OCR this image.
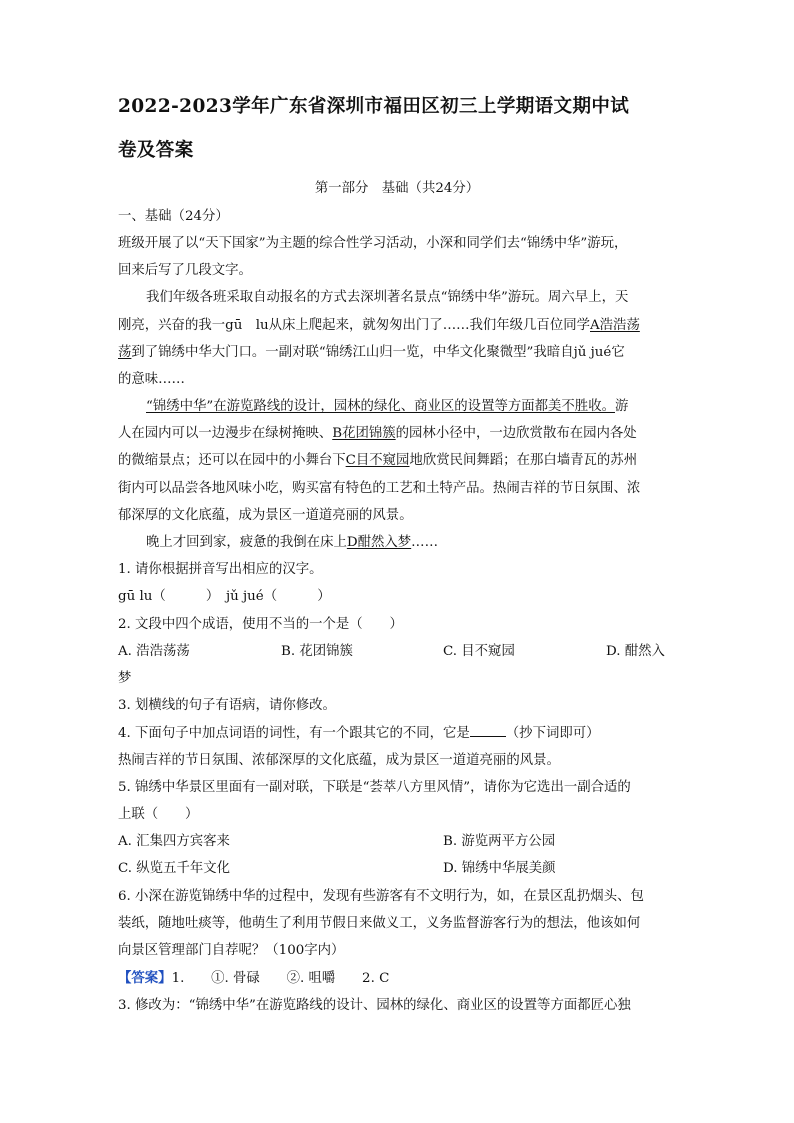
2022-2023学年广东省深圳市福田区初三上学期语文期中试
卷及答案
第一部分　基础（共24分）
一、基础（24分）
班级开展了以“天下国家”为主题的综合性学习活动，小深和同学们去“锦绣中华”游玩，
回来后写了几段文字。
我们年级各班采取自动报名的方式去深圳著名景点“锦绣中华”游玩。周六早上，天
刚亮，兴奋的我一gū　lu从床上爬起来，就匆匆出门了……我们年级几百位同学A浩浩荡
荡到了锦绣中华大门口。一副对联“锦绣江山归一览，中华文化聚微型”我暗自jǔ jué它
的意味……
“锦绣中华”在游览路线的设计，园林的绿化、商业区的设置等方面都美不胜收。游
人在园内可以一边漫步在绿树掩映、B花团锦簇的园林小径中，一边欣赏散布在园内各处
的微缩景点；还可以在园中的小舞台下C目不窥园地欣赏民间舞蹈；在那白墙青瓦的苏州
街内可以品尝各地风味小吃，购买富有特色的工艺和土特产品。热闹吉祥的节日氛围、浓
郁深厚的文化底蕴，成为景区一道道亮丽的风景。
晚上才回到家，疲惫的我倒在床上D酣然入梦……
1. 请你根据拼音写出相应的汉字。
gū lu（　　　）　jǔ jué（　　　）
2. 文段中四个成语，使用不当的一个是（　　）
A. 浩浩荡荡	B. 花团锦簇	C. 目不窥园	D. 酣然入
梦
3. 划横线的句子有语病，请你修改。
4. 下面句子中加点词语的词性，有一个跟其它的不同，它是	（抄下词即可）
热闹吉祥的节日氛围、浓郁深厚的文化底蕴，成为景区一道道亮丽的风景。
5. 锦绣中华景区里面有一副对联，下联是“荟萃八方里风情”，请你为它选出一副合适的
上联（　　）
A. 汇集四方宾客来	B. 游览两平方公园
C. 纵览五千年文化	D. 锦绣中华展美颜
6. 小深在游览锦绣中华的过程中，发现有些游客有不文明行为，如，在景区乱扔烟头、包
装纸，随地吐痰等，他萌生了利用节假日来做义工，义务监督游客行为的想法，他该如何
向景区管理部门自荐呢？（100字内）
【答案】1.　　①. 骨碌　　②. 咀嚼　　2. C
3. 修改为：“锦绣中华”在游览路线的设计、园林的绿化、商业区的设置等方面都匠心独
